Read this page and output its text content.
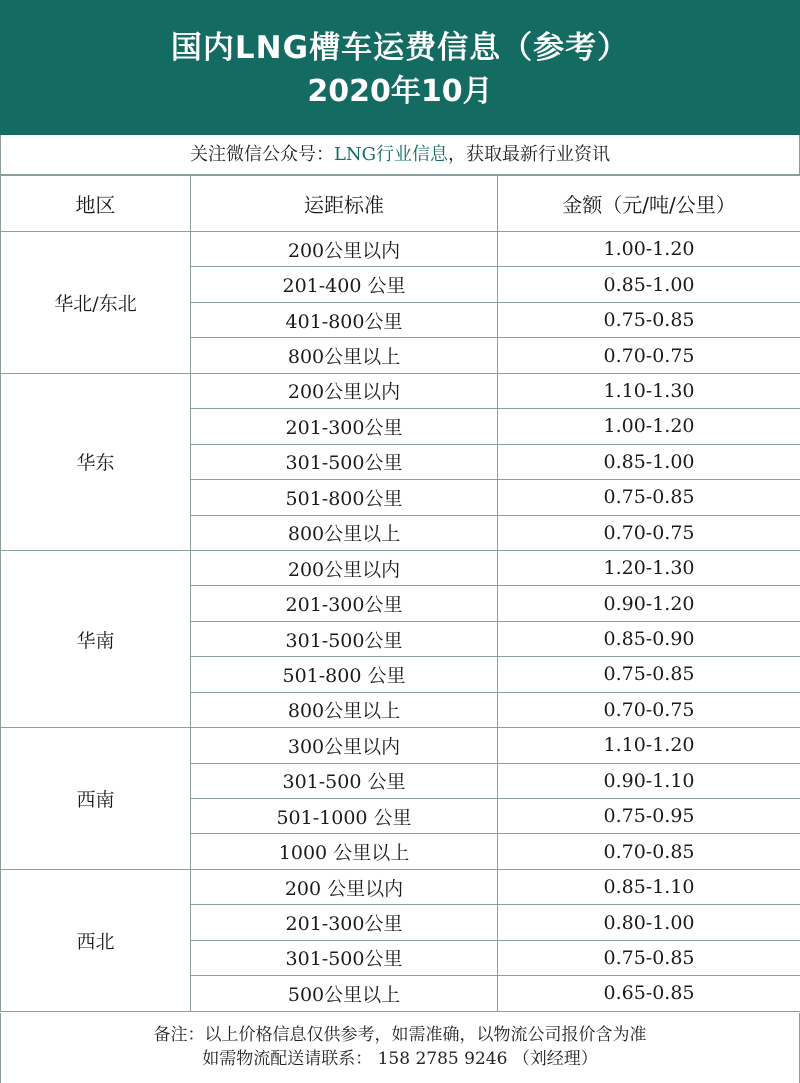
国内LNG槽车运费信息（参考）
2020年10月
关注微信公众号：LNG行业信息，获取最新行业资讯
地区	运距标准	金额（元/吨/公里）
华北/东北	200公里以内	1.00-1.20
	201-400 公里	0.85-1.00
	401-800公里	0.75-0.85
	800公里以上	0.70-0.75
华东	200公里以内	1.10-1.30
	201-300公里	1.00-1.20
	301-500公里	0.85-1.00
	501-800公里	0.75-0.85
	800公里以上	0.70-0.75
华南	200公里以内	1.20-1.30
	201-300公里	0.90-1.20
	301-500公里	0.85-0.90
	501-800 公里	0.75-0.85
	800公里以上	0.70-0.75
西南	300公里以内	1.10-1.20
	301-500 公里	0.90-1.10
	501-1000 公里	0.75-0.95
	1000 公里以上	0.70-0.85
西北	200 公里以内	0.85-1.10
	201-300公里	0.80-1.00
	301-500公里	0.75-0.85
	500公里以上	0.65-0.85
备注：以上价格信息仅供参考，如需准确，以物流公司报价含为准
如需物流配送请联系： 158 2785 9246 （刘经理）
